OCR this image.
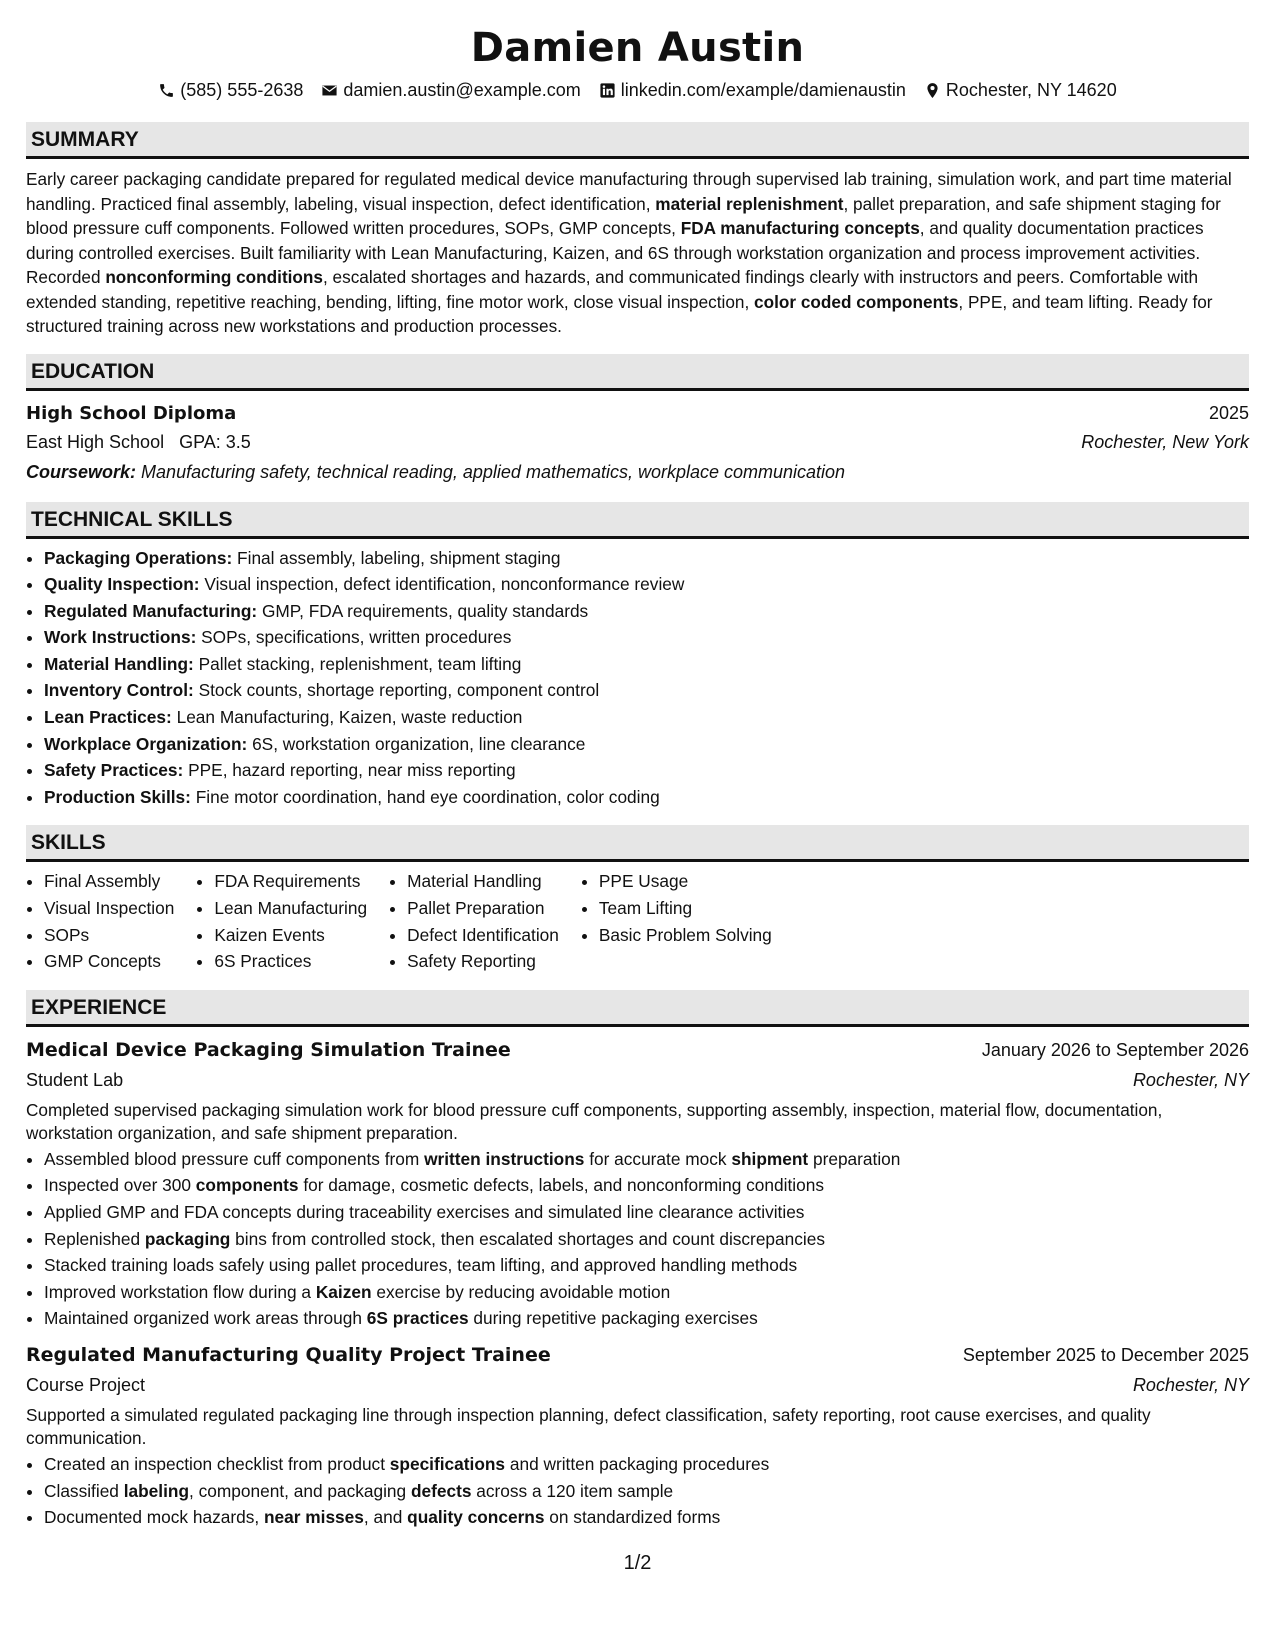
Damien Austin
(585) 555-2638 damien.austin@example.com linkedin.com/example/damienaustin Rochester, NY 14620
SUMMARY

Early career packaging candidate prepared for regulated medical device manufacturing through supervised lab training, simulation work, and part time material handling. Practiced final assembly, labeling, visual inspection, defect identification, material replenishment, pallet preparation, and safe shipment staging for blood pressure cuff components. Followed written procedures, SOPs, GMP concepts, FDA manufacturing concepts, and quality documentation practices during controlled exercises. Built familiarity with Lean Manufacturing, Kaizen, and 6S through workstation organization and process improvement activities. Recorded nonconforming conditions, escalated shortages and hazards, and communicated findings clearly with instructors and peers. Comfortable with extended standing, repetitive reaching, bending, lifting, fine motor work, close visual inspection, color coded components, PPE, and team lifting. Ready for structured training across new workstations and production processes.

EDUCATION
High School Diploma	2025
East High School GPA: 3.5	Rochester, New York
Coursework: Manufacturing safety, technical reading, applied mathematics, workplace communication
TECHNICAL SKILLS
• Packaging Operations: Final assembly, labeling, shipment staging
• Quality Inspection: Visual inspection, defect identification, nonconformance review
• Regulated Manufacturing: GMP, FDA requirements, quality standards
• Work Instructions: SOPs, specifications, written procedures
• Material Handling: Pallet stacking, replenishment, team lifting
• Inventory Control: Stock counts, shortage reporting, component control
• Lean Practices: Lean Manufacturing, Kaizen, waste reduction
• Workplace Organization: 6S, workstation organization, line clearance
• Safety Practices: PPE, hazard reporting, near miss reporting
• Production Skills: Fine motor coordination, hand eye coordination, color coding
SKILLS
• Final Assembly
• Visual Inspection
• SOPs
• GMP Concepts
• FDA Requirements
• Lean Manufacturing
• Kaizen Events
• 6S Practices
• Material Handling
• Pallet Preparation
• Defect Identification
• Safety Reporting
• PPE Usage
• Team Lifting
• Basic Problem Solving
EXPERIENCE
Medical Device Packaging Simulation Trainee	January 2026 to September 2026
Student Lab	Rochester, NY

Completed supervised packaging simulation work for blood pressure cuff components, supporting assembly, inspection, material flow, documentation, workstation organization, and safe shipment preparation.

• Assembled blood pressure cuff components from written instructions for accurate mock shipment preparation
• Inspected over 300 components for damage, cosmetic defects, labels, and nonconforming conditions
• Applied GMP and FDA concepts during traceability exercises and simulated line clearance activities
• Replenished packaging bins from controlled stock, then escalated shortages and count discrepancies
• Stacked training loads safely using pallet procedures, team lifting, and approved handling methods
• Improved workstation flow during a Kaizen exercise by reducing avoidable motion
• Maintained organized work areas through 6S practices during repetitive packaging exercises
Regulated Manufacturing Quality Project Trainee	September 2025 to December 2025
Course Project	Rochester, NY

Supported a simulated regulated packaging line through inspection planning, defect classification, safety reporting, root cause exercises, and quality communication.

• Created an inspection checklist from product specifications and written packaging procedures
• Classified labeling, component, and packaging defects across a 120 item sample
• Documented mock hazards, near misses, and quality concerns on standardized forms
1/2
